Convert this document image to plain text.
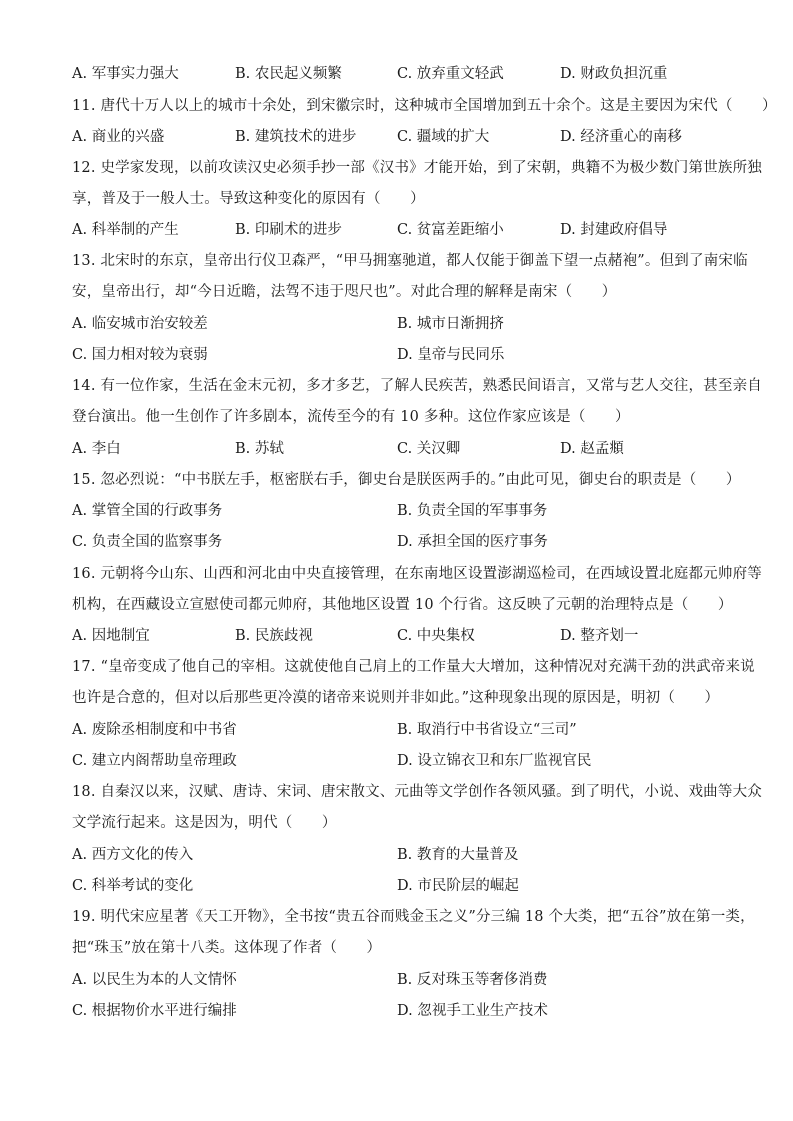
A. 军事实力强大	B. 农民起义频繁	C. 放弃重文轻武	D. 财政负担沉重
11. 唐代十万人以上的城市十余处，到宋徽宗时，这种城市全国增加到五十余个。这是主要因为宋代（　　）
A. 商业的兴盛	B. 建筑技术的进步	C. 疆域的扩大	D. 经济重心的南移
12. 史学家发现，以前攻读汉史必须手抄一部《汉书》才能开始，到了宋朝，典籍不为极少数门第世族所独
享，普及于一般人士。导致这种变化的原因有（　　）
A. 科举制的产生	B. 印刷术的进步	C. 贫富差距缩小	D. 封建政府倡导
13. 北宋时的东京，皇帝出行仪卫森严，“甲马拥塞驰道，都人仅能于御盖下望一点赭袍”。但到了南宋临
安，皇帝出行，却“今日近瞻，法驾不违于咫尺也”。对此合理的解释是南宋（　　）
A. 临安城市治安较差	B. 城市日渐拥挤
C. 国力相对较为衰弱	D. 皇帝与民同乐
14. 有一位作家，生活在金末元初，多才多艺，了解人民疾苦，熟悉民间语言，又常与艺人交往，甚至亲自
登台演出。他一生创作了许多剧本，流传至今的有 10 多种。这位作家应该是（　　）
A. 李白	B. 苏轼	C. 关汉卿	D. 赵孟頫
15. 忽必烈说：“中书朕左手，枢密朕右手，御史台是朕医两手的。”由此可见，御史台的职责是（　　）
A. 掌管全国的行政事务	B. 负责全国的军事事务
C. 负责全国的监察事务	D. 承担全国的医疗事务
16. 元朝将今山东、山西和河北由中央直接管理，在东南地区设置澎湖巡检司，在西域设置北庭都元帅府等
机构，在西藏设立宣慰使司都元帅府，其他地区设置 10 个行省。这反映了元朝的治理特点是（　　）
A. 因地制宜	B. 民族歧视	C. 中央集权	D. 整齐划一
17. “皇帝变成了他自己的宰相。这就使他自己肩上的工作量大大增加，这种情况对充满干劲的洪武帝来说
也许是合意的，但对以后那些更冷漠的诸帝来说则并非如此。”这种现象出现的原因是，明初（　　）
A. 废除丞相制度和中书省	B. 取消行中书省设立“三司”
C. 建立内阁帮助皇帝理政	D. 设立锦衣卫和东厂监视官民
18. 自秦汉以来，汉赋、唐诗、宋词、唐宋散文、元曲等文学创作各领风骚。到了明代，小说、戏曲等大众
文学流行起来。这是因为，明代（　　）
A. 西方文化的传入	B. 教育的大量普及
C. 科举考试的变化	D. 市民阶层的崛起
19. 明代宋应星著《天工开物》，全书按“贵五谷而贱金玉之义”分三编 18 个大类，把“五谷”放在第一类，
把“珠玉”放在第十八类。这体现了作者（　　）
A. 以民生为本的人文情怀	B. 反对珠玉等奢侈消费
C. 根据物价水平进行编排	D. 忽视手工业生产技术
